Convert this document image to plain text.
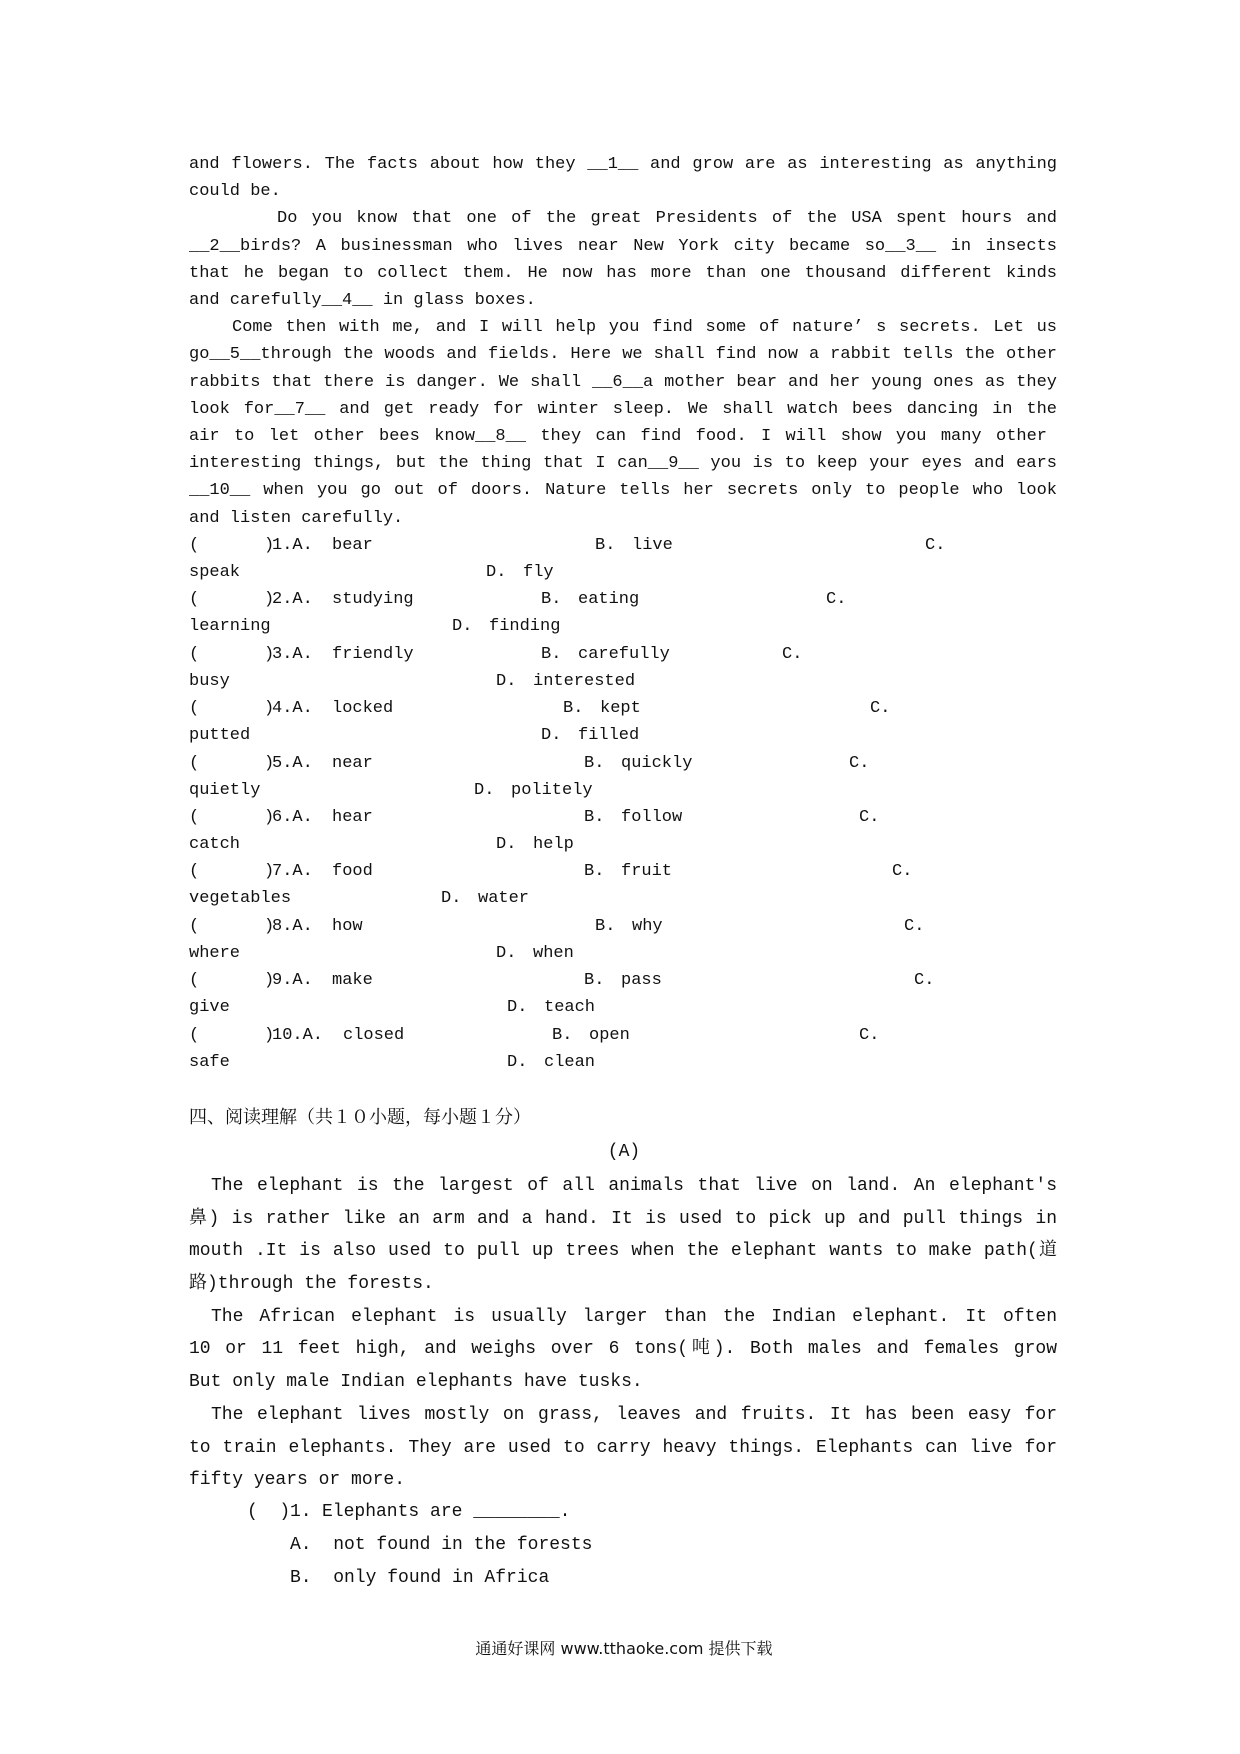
and flowers. The facts about how they __1__ and grow are as interesting as anything
could be.
Do you know that one of the great Presidents of the USA spent hours and
__2__birds? A businessman who lives near New York city became so__3__ in insects
that he began to collect them. He now has more than one thousand different kinds
and carefully__4__ in glass boxes.
Come then with me, and I will help you find some of nature’ s secrets. Let us
go__5__through the woods and fields. Here we shall find now a rabbit tells the other
rabbits that there is danger. We shall __6__a mother bear and her young ones as they
look for__7__ and get ready for winter sleep. We shall watch bees dancing in the
air to let other bees know__8__ they can find food. I will show you many other
interesting things, but the thing that I can__9__ you is to keep your eyes and ears
__10__ when you go out of doors. Nature tells her secrets only to people who look
and listen carefully.
(	)
1.A. bear	B. live	C.
speak	D. fly
(	)
2.A. studying	B. eating	C.
learning	D. finding
(	)
3.A. friendly	B. carefully	C.
busy	D. interested
(	)
4.A. locked	B. kept	C.
putted	D. filled
(	)
5.A. near	B. quickly	C.
quietly	D. politely
(	)
6.A. hear	B. follow	C.
catch	D. help
(	)
7.A. food	B. fruit	C.
vegetables	D. water
(	)
8.A. how	B. why	C.
where	D. when
(	)
9.A. make	B. pass	C.
give	D. teach
(	)
10.A. closed	B. open	C.
safe	D. clean
四、阅读理解（共１０小题，每小题１分）
(A)
The elephant is the largest of all animals that live on land. An elephant's
鼻) is rather like an arm and a hand. It is used to pick up and pull things in
mouth .It is also used to pull up trees when the elephant wants to make path(道
路)through the forests.
The African elephant is usually larger than the Indian elephant. It often
10 or 11 feet high, and weighs over 6 tons(吨). Both males and females grow
But only male Indian elephants have tusks.
The elephant lives mostly on grass, leaves and fruits. It has been easy for
to train elephants. They are used to carry heavy things. Elephants can live for
fifty years or more.
(  ) 1. Elephants are ________.
A.  not found in the forests
B.  only found in Africa
通通好课网 www.tthaoke.com 提供下载
